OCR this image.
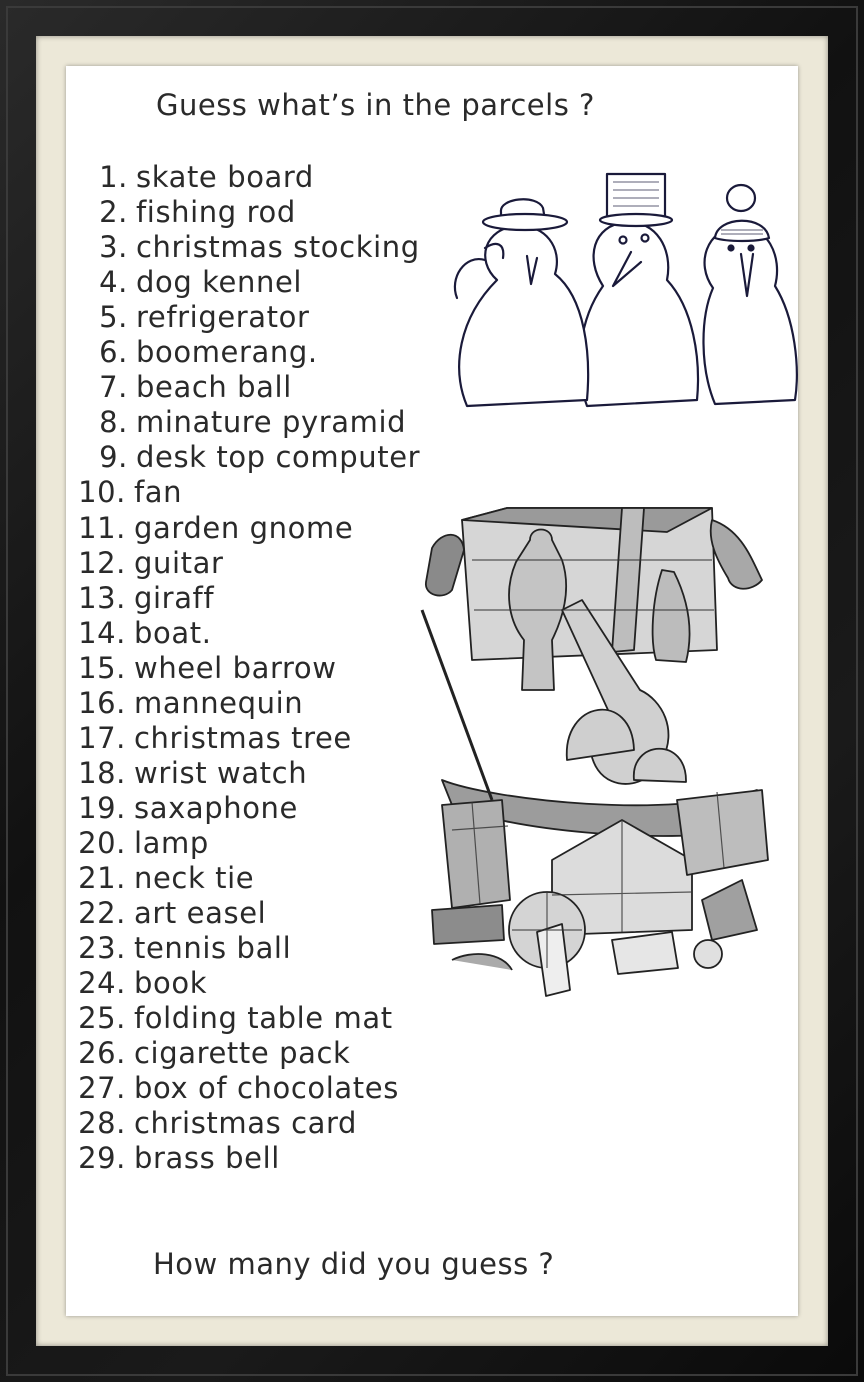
Guess what’s in the parcels ?
1. skate board
2. fishing rod
3. christmas stocking
4. dog kennel
5. refrigerator
6. boomerang.
7. beach ball
8. minature pyramid
9. desk top computer
10. fan
11. garden gnome
12. guitar
13. giraff
14. boat.
15. wheel barrow
16. mannequin
17. christmas tree
18. wrist watch
19. saxaphone
20. lamp
21. neck tie
22. art easel
23. tennis ball
24. book
25. folding table mat
26. cigarette pack
27. box of chocolates
28. christmas card
29. brass bell
How many did you guess ?
